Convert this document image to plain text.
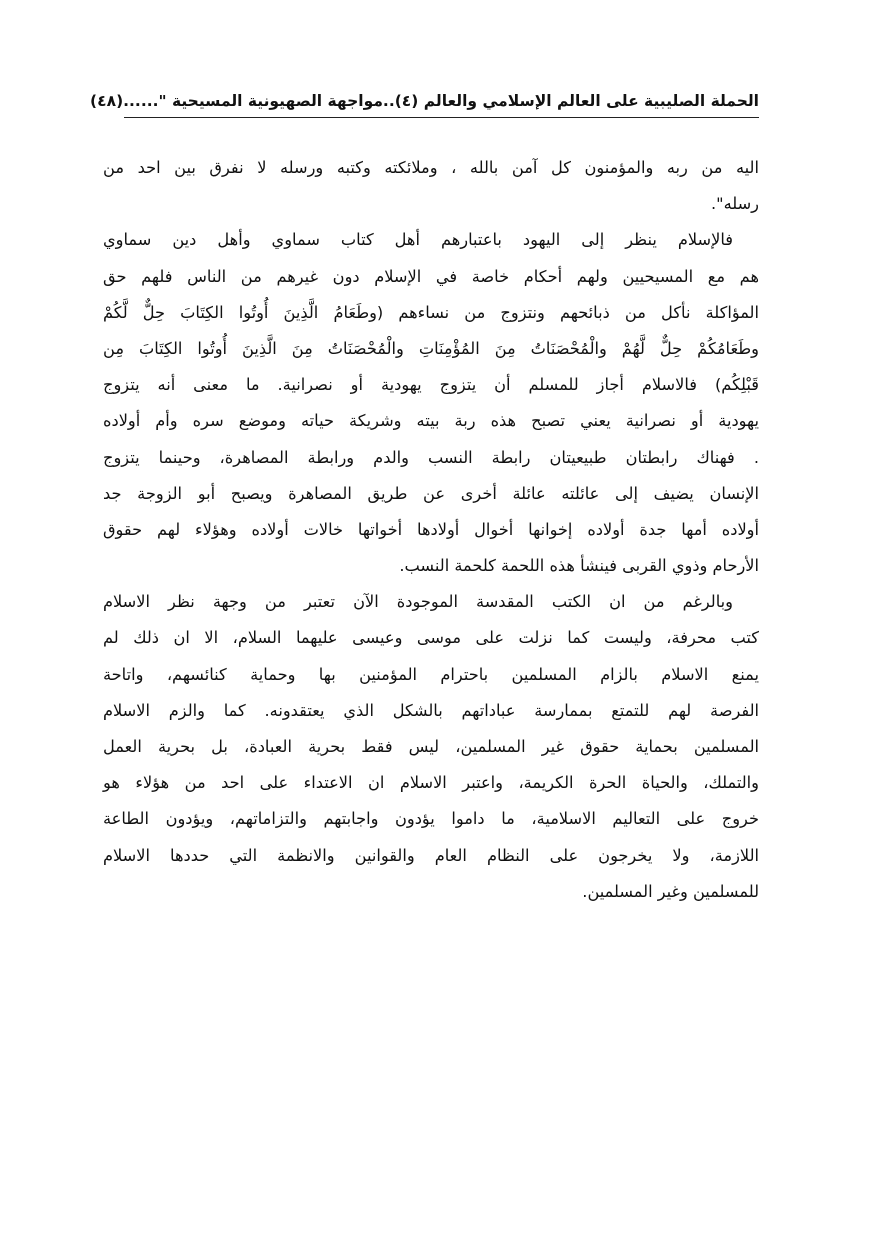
الحملة الصليبية على العالم الإسلامي والعالم (٤)..مواجهة الصهيونية المسيحية "......
(٤٨)
اليه من ربه والمؤمنون كل آمن بالله ، وملائكته وكتبه ورسله لا نفرق بين احد من
رسله".
فالإسلام ينظر إلى اليهود باعتبارهم أهل كتاب سماوي وأهل دين سماوي
هم مع المسيحيين ولهم أحكام خاصة في الإسلام دون غيرهم من الناس فلهم حق
المؤاكلة نأكل من ذبائحهم ونتزوج من نساءهم (وطَعَامُ الَّذِينَ أُوتُوا الكِتَابَ حِلٌّ لَّكُمْ
وطَعَامُكُمْ حِلٌّ لَّهُمْ والْمُحْصَنَاتُ مِنَ المُؤْمِنَاتِ والْمُحْصَنَاتُ مِنَ الَّذِينَ أُوتُوا الكِتَابَ مِن
قَبْلِكُم) فالاسلام أجاز للمسلم أن يتزوج يهودية أو نصرانية. ما معنى أنه يتزوج
يهودية أو نصرانية يعني تصبح هذه ربة بيته وشريكة حياته وموضع سره وأم أولاده
. فهناك رابطتان طبيعيتان رابطة النسب والدم ورابطة المصاهرة، وحينما يتزوج
الإنسان يضيف إلى عائلته عائلة أخرى عن طريق المصاهرة ويصبح أبو الزوجة جد
أولاده أمها جدة أولاده إخوانها أخوال أولادها أخواتها خالات أولاده وهؤلاء لهم حقوق
الأرحام وذوي القربى فينشأ هذه اللحمة كلحمة النسب.
وبالرغم من ان الكتب المقدسة الموجودة الآن تعتبر من وجهة نظر الاسلام
كتب محرفة، وليست كما نزلت على موسى وعيسى عليهما السلام، الا ان ذلك لم
يمنع الاسلام بالزام المسلمين باحترام المؤمنين بها وحماية كنائسهم، واتاحة
الفرصة لهم للتمتع بممارسة عباداتهم بالشكل الذي يعتقدونه. كما والزم الاسلام
المسلمين بحماية حقوق غير المسلمين، ليس فقط بحرية العبادة، بل بحرية العمل
والتملك، والحياة الحرة الكريمة، واعتبر الاسلام ان الاعتداء على احد من هؤلاء هو
خروج على التعاليم الاسلامية، ما داموا يؤدون واجابتهم والتزاماتهم، ويؤدون الطاعة
اللازمة، ولا يخرجون على النظام العام والقوانين والانظمة التي حددها الاسلام
للمسلمين وغير المسلمين.
